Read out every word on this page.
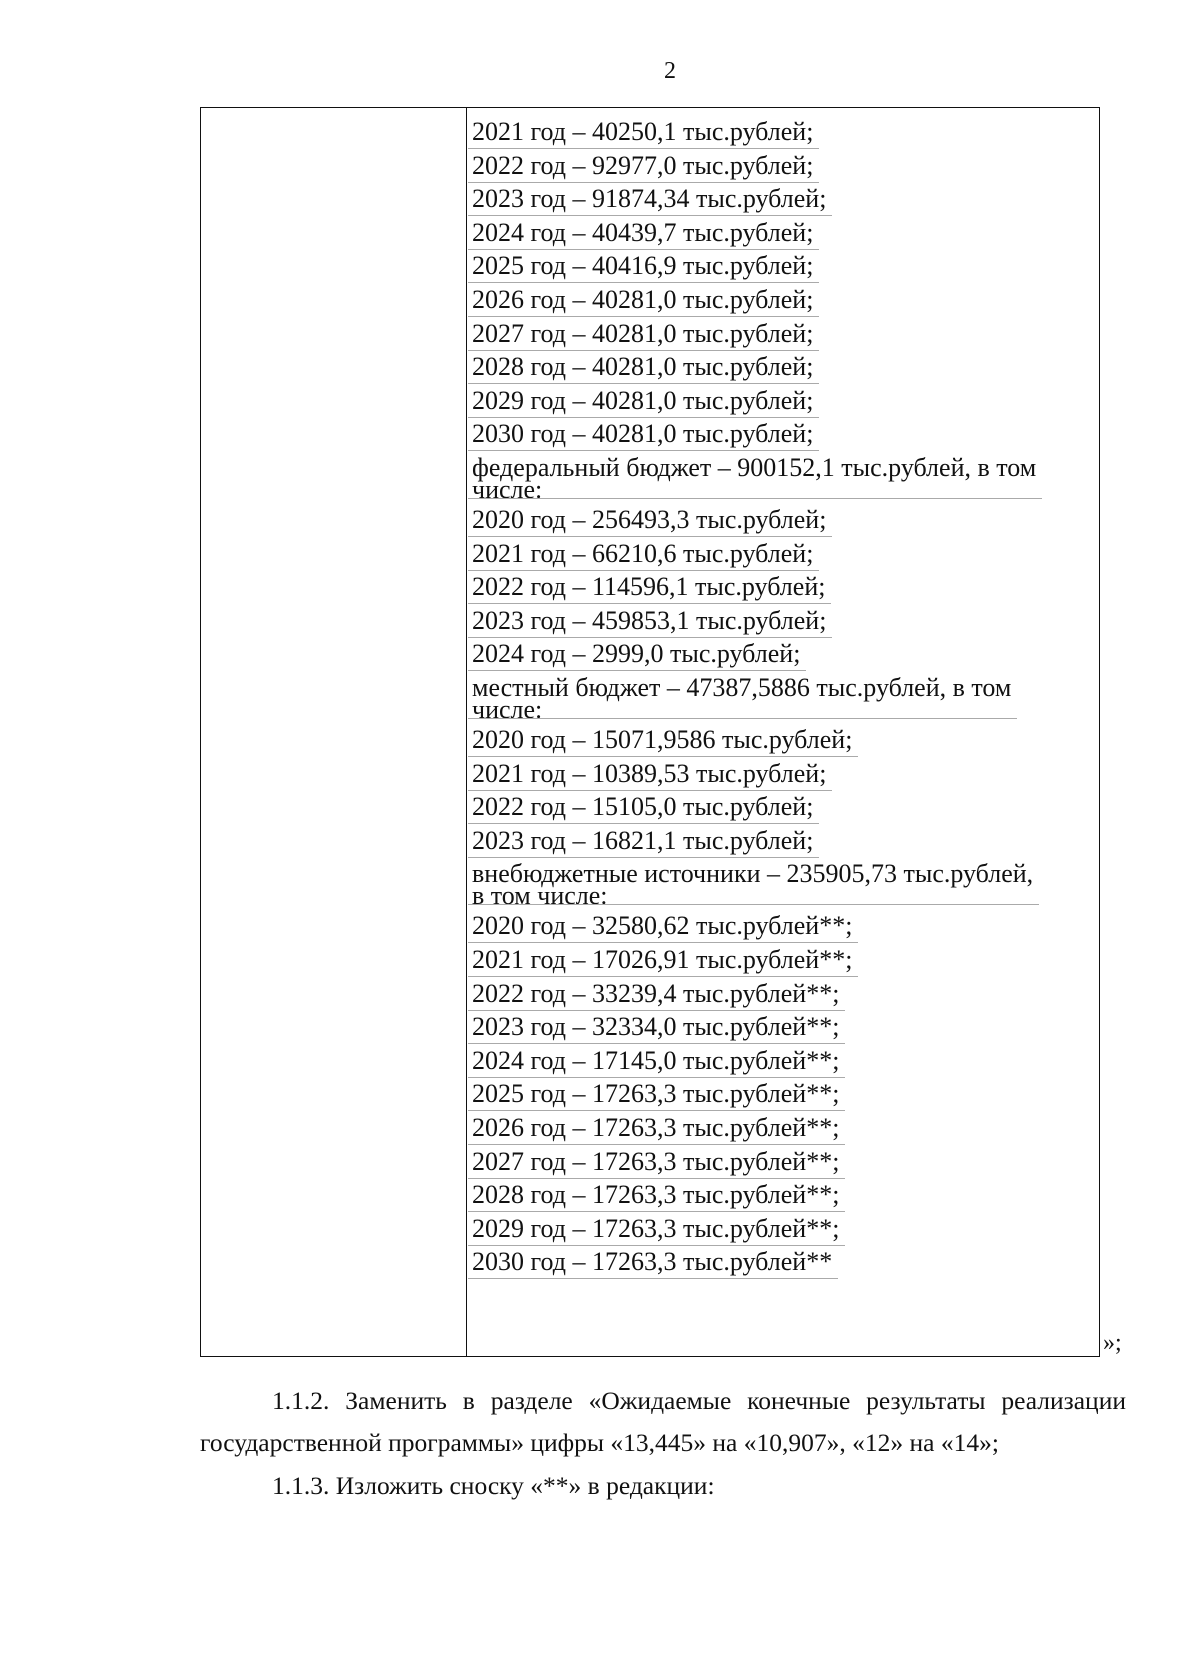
2
2021 год – 40250,1 тыс.рублей;
2022 год – 92977,0 тыс.рублей;
2023 год – 91874,34 тыс.рублей;
2024 год – 40439,7 тыс.рублей;
2025 год – 40416,9 тыс.рублей;
2026 год – 40281,0 тыс.рублей;
2027 год – 40281,0 тыс.рублей;
2028 год – 40281,0 тыс.рублей;
2029 год – 40281,0 тыс.рублей;
2030 год – 40281,0 тыс.рублей;
федеральный бюджет – 900152,1 тыс.рублей, в том
числе:
2020 год – 256493,3 тыс.рублей;
2021 год – 66210,6 тыс.рублей;
2022 год – 114596,1 тыс.рублей;
2023 год – 459853,1 тыс.рублей;
2024 год – 2999,0 тыс.рублей;
местный бюджет – 47387,5886 тыс.рублей, в том
числе:
2020 год – 15071,9586 тыс.рублей;
2021 год – 10389,53 тыс.рублей;
2022 год – 15105,0 тыс.рублей;
2023 год – 16821,1 тыс.рублей;
внебюджетные источники – 235905,73 тыс.рублей,
в том числе:
2020 год – 32580,62 тыс.рублей**;
2021 год – 17026,91 тыс.рублей**;
2022 год – 33239,4 тыс.рублей**;
2023 год – 32334,0 тыс.рублей**;
2024 год – 17145,0 тыс.рублей**;
2025 год – 17263,3 тыс.рублей**;
2026 год – 17263,3 тыс.рублей**;
2027 год – 17263,3 тыс.рублей**;
2028 год – 17263,3 тыс.рублей**;
2029 год – 17263,3 тыс.рублей**;
2030 год – 17263,3 тыс.рублей**
»;
1.1.2. Заменить в разделе «Ожидаемые конечные результаты реализации государственной программы» цифры «13,445» на «10,907», «12» на «14»;
1.1.3. Изложить сноску «**» в редакции:
